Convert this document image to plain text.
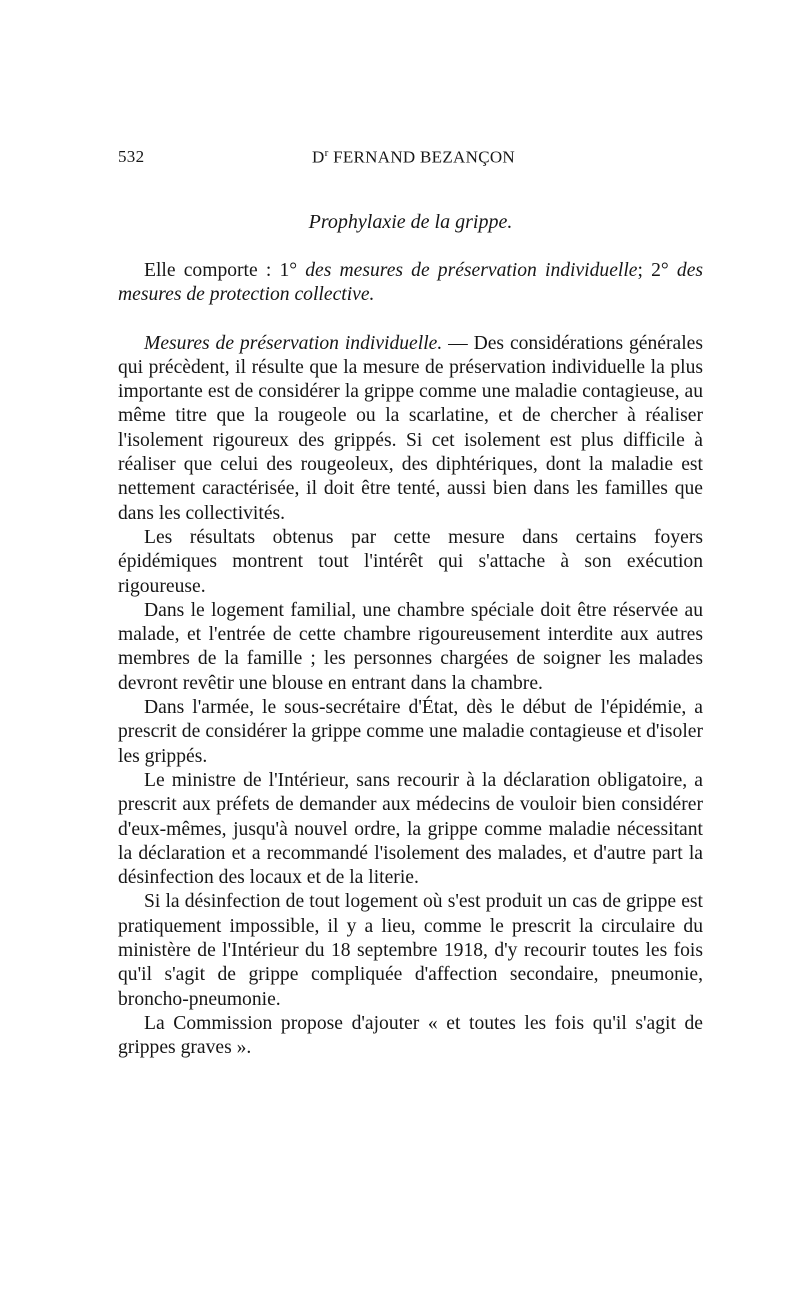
532	$D^r$ FERNAND BEZANÇON
Prophylaxie de la grippe.

Elle comporte : 1° des mesures de préservation individuelle; 2° des mesures de protection collective.

Mesures de préservation individuelle. — Des considérations générales qui précèdent, il résulte que la mesure de préservation individuelle la plus importante est de considérer la grippe comme une maladie contagieuse, au même titre que la rougeole ou la scarlatine, et de chercher à réaliser l'isolement rigoureux des grippés. Si cet isolement est plus difficile à réaliser que celui des rougeoleux, des diphtériques, dont la maladie est nettement caractérisée, il doit être tenté, aussi bien dans les familles que dans les collectivités.

Les résultats obtenus par cette mesure dans certains foyers épidémiques montrent tout l'intérêt qui s'attache à son exécution rigoureuse.

Dans le logement familial, une chambre spéciale doit être réservée au malade, et l'entrée de cette chambre rigoureusement interdite aux autres membres de la famille ; les personnes chargées de soigner les malades devront revêtir une blouse en entrant dans la chambre.

Dans l'armée, le sous-secrétaire d'État, dès le début de l'épidémie, a prescrit de considérer la grippe comme une maladie contagieuse et d'isoler les grippés.

Le ministre de l'Intérieur, sans recourir à la déclaration obligatoire, a prescrit aux préfets de demander aux médecins de vouloir bien considérer d'eux-mêmes, jusqu'à nouvel ordre, la grippe comme maladie nécessitant la déclaration et a recommandé l'isolement des malades, et d'autre part la désinfection des locaux et de la literie.

Si la désinfection de tout logement où s'est produit un cas de grippe est pratiquement impossible, il y a lieu, comme le prescrit la circulaire du ministère de l'Intérieur du 18 septembre 1918, d'y recourir toutes les fois qu'il s'agit de grippe compliquée d'affection secondaire, pneumonie, broncho-pneumonie.

La Commission propose d'ajouter « et toutes les fois qu'il s'agit de grippes graves ».
